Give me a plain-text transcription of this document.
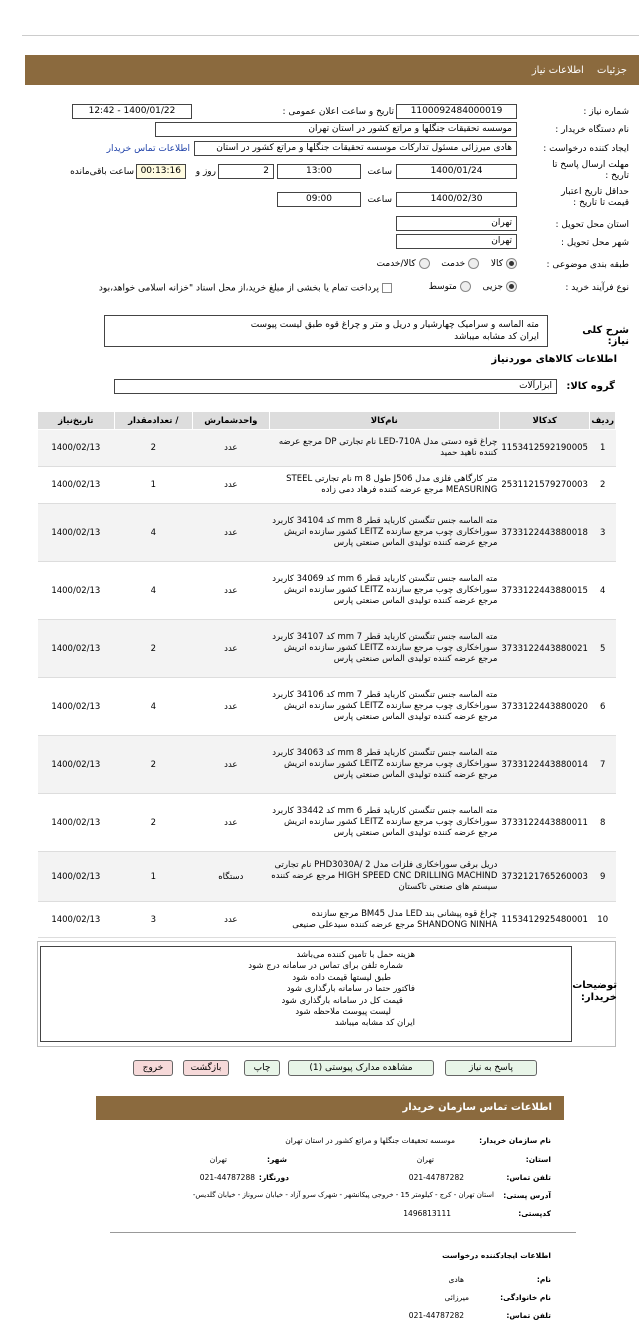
جزئیات اطلاعات نیاز
شماره نیاز :
1100092484000019
تاریخ و ساعت اعلان عمومی :
1400/01/22 - 12:42
نام دستگاه خریدار :
موسسه تحقیقات جنگلها و مراتع کشور در استان تهران
ایجاد کننده درخواست :
هادی میرزائی مسئول تدارکات موسسه تحقیقات جنگلها و مراتع کشور در استان
اطلاعات تماس خریدار
مهلت ارسال پاسخ تا تاریخ :
1400/01/24
ساعت
13:00
2
روز و
00:13:16
ساعت باقی‌مانده
حداقل تاریخ اعتبار قیمت تا تاریخ :
1400/02/30
ساعت
09:00
استان محل تحویل :
تهران
شهر محل تحویل :
تهران
طبقه بندی موضوعی :
کالا   خدمت   کالا/خدمت
نوع فرآیند خرید :
جزیی   متوسط
پرداخت تمام یا بخشی از مبلغ خرید،از محل اسناد "خزانه اسلامی خواهد،بود
شرح کلی نیاز:
مته الماسه و سرامیک چهارشیار و دریل و متر و چراغ قوه طبق لیست پیوست
ایران کد مشابه میباشد
اطلاعات کالاهای موردنیاز
گروه کالا:
ابزارآلات
ردیف	کدکالا	نام‌کالا	واحدشمارش	/ تعدادمقدار	تاریخ‌نیاز
1	1153412592190005	چراغ قوه دستی مدل LED-710A نام تجارتی DP مرجع عرضه کننده ناهید حمید	عدد	2	1400/02/13
2	2531121579270003	متر کارگاهی فلزی مدل J506 طول 8 m نام تجارتی STEEL MEASURING مرجع عرضه کننده فرهاد دمی زاده	عدد	1	1400/02/13
3	3733122443880018	مته الماسه جنس تنگستن کارباید قطر 8 mm کد 34104 کاربرد سوراخکاری چوب مرجع سازنده LEITZ کشور سازنده اتریش مرجع عرضه کننده تولیدی الماس صنعتی پارس	عدد	4	1400/02/13
4	3733122443880015	مته الماسه جنس تنگستن کارباید قطر 6 mm کد 34069 کاربرد سوراخکاری چوب مرجع سازنده LEITZ کشور سازنده اتریش مرجع عرضه کننده تولیدی الماس صنعتی پارس	عدد	4	1400/02/13
5	3733122443880021	مته الماسه جنس تنگستن کارباید قطر 7 mm کد 34107 کاربرد سوراخکاری چوب مرجع سازنده LEITZ کشور سازنده اتریش مرجع عرضه کننده تولیدی الماس صنعتی پارس	عدد	2	1400/02/13
6	3733122443880020	مته الماسه جنس تنگستن کارباید قطر 7 mm کد 34106 کاربرد سوراخکاری چوب مرجع سازنده LEITZ کشور سازنده اتریش مرجع عرضه کننده تولیدی الماس صنعتی پارس	عدد	4	1400/02/13
7	3733122443880014	مته الماسه جنس تنگستن کارباید قطر 8 mm کد 34063 کاربرد سوراخکاری چوب مرجع سازنده LEITZ کشور سازنده اتریش مرجع عرضه کننده تولیدی الماس صنعتی پارس	عدد	2	1400/02/13
8	3733122443880011	مته الماسه جنس تنگستن کارباید قطر 6 mm کد 33442 کاربرد سوراخکاری چوب مرجع سازنده LEITZ کشور سازنده اتریش مرجع عرضه کننده تولیدی الماس صنعتی پارس	عدد	2	1400/02/13
9	3732121765260003	دریل برقی سوراخکاری فلزات مدل PHD3030A/ 2 نام تجارتی HIGH SPEED CNC DRILLING MACHIND مرجع عرضه کننده سیستم های صنعتی تاکستان	دستگاه	1	1400/02/13
10	1153412925480001	چراغ قوه پیشانی بند LED مدل BM45 مرجع سازنده SHANDONG NINHA مرجع عرضه کننده سیدعلی صنیعی	عدد	3	1400/02/13
توضیحات خریدار:
هزینه حمل با تامین کننده می‌باشد
شماره تلفن برای تماس در سامانه درج شود
طبق لیستها قیمت داده شود
فاکتور حتما در سامانه بارگذاری شود
قیمت کل در سامانه بارگذاری شود
لیست پیوست ملاحظه شود
ایران کد مشابه میباشد
پاسخ به نیاز
مشاهده مدارک پیوستی (1)
چاپ
بازگشت
خروج
اطلاعات تماس سازمان خریدار
نام سازمان خریدار:
موسسه تحقیقات جنگلها و مراتع کشور در استان تهران
استان:
تهران
شهر:
تهران
تلفن تماس:
021-44787282
دورنگار:
021-44787288
آدرس پستی:
استان تهران - کرج - کیلومتر 15 - خروجی پیکانشهر - شهرک سرو آزاد - خیابان سروناز - خیابان گلدیس-
کدپستی:
1496813111
اطلاعات ایجادکننده درخواست
نام:
هادی
نام خانوادگی:
میرزائی
تلفن تماس:
021-44787282
